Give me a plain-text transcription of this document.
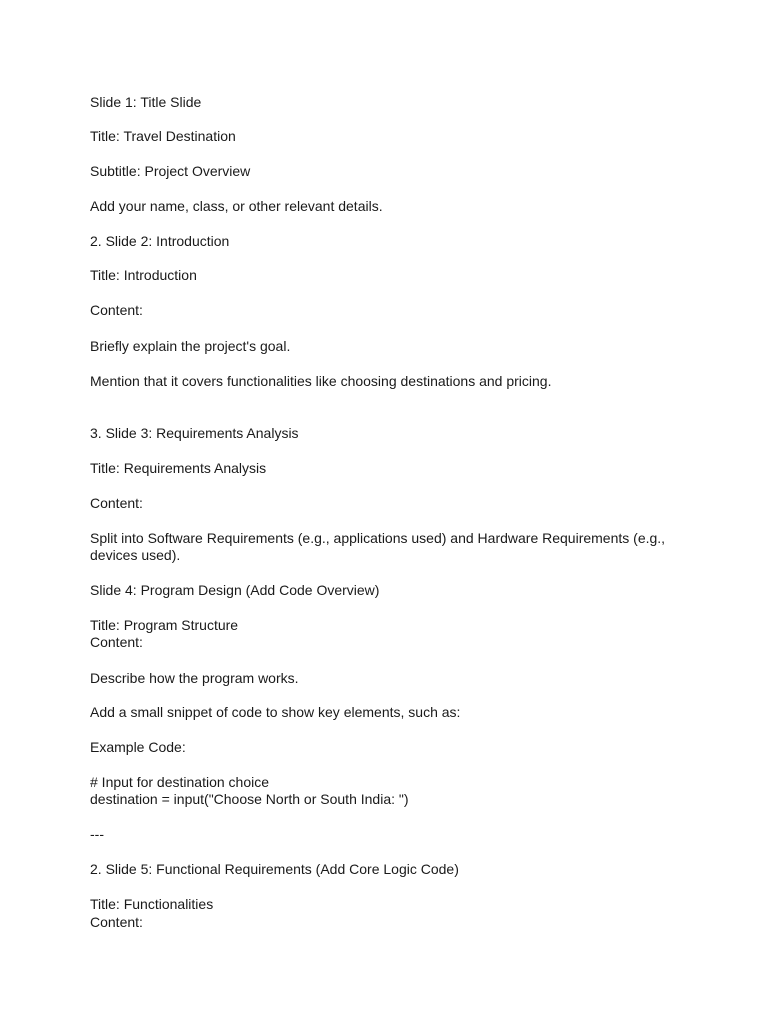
Slide 1: Title Slide
Title: Travel Destination
Subtitle: Project Overview
Add your name, class, or other relevant details.
2. Slide 2: Introduction
Title: Introduction
Content:
Briefly explain the project's goal.
Mention that it covers functionalities like choosing destinations and pricing.
3. Slide 3: Requirements Analysis
Title: Requirements Analysis
Content:
Split into Software Requirements (e.g., applications used) and Hardware Requirements (e.g., devices used).
Slide 4: Program Design (Add Code Overview)
Title: Program Structure
Content:
Describe how the program works.
Add a small snippet of code to show key elements, such as:
Example Code:
# Input for destination choice
destination = input("Choose North or South India: ")
---
2. Slide 5: Functional Requirements (Add Core Logic Code)
Title: Functionalities
Content:
